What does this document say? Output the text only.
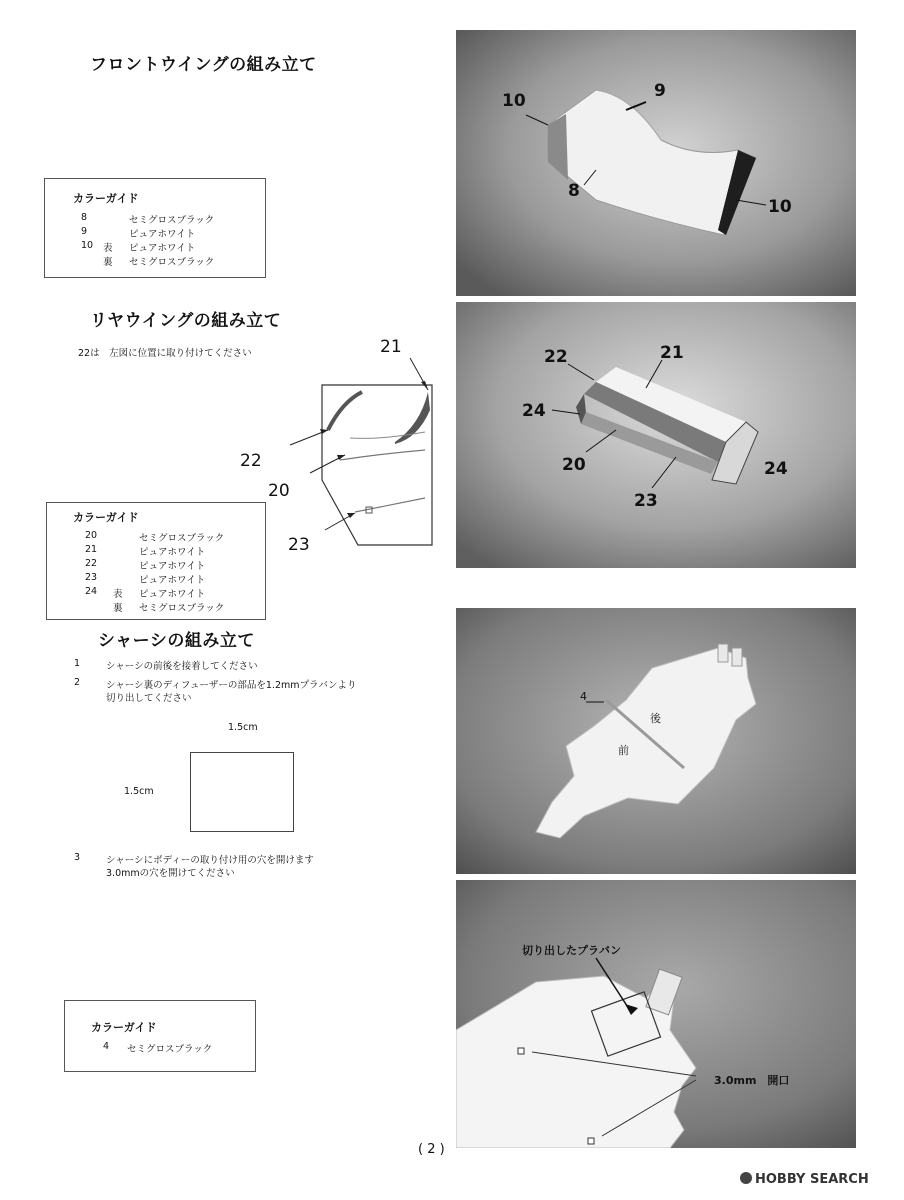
フロントウイングの組み立て
カラーガイド
8	セミグロスブラック
9	ピュアホワイト
10 表 ピュアホワイト
裏 セミグロスブラック
リヤウイングの組み立て
22は　左図に位置に取り付けてください	21
22
20
23
カラーガイド
20	セミグロスブラック
21	ピュアホワイト
22	ピュアホワイト
23	ピュアホワイト
24 表 ピュアホワイト
裏 セミグロスブラック
シャーシの組み立て
1	シャーシの前後を接着してください
2	シャーシ裏のディフューザーの部品を1.2mmプラバンより
切り出してください
1.5cm
1.5cm
3	シャーシにボディーの取り付け用の穴を開けます
3.0mmの穴を開けてください
カラーガイド
4 セミグロスブラック
( 2 )
10	9
8
10
22	21
24
20
23
24
4
後
前
切り出したプラバン
3.0mm　開口
HOBBY SEARCH
